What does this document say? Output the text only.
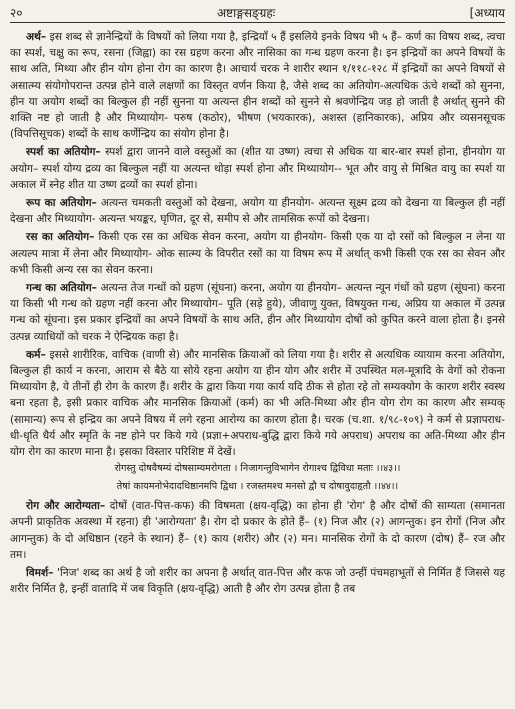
२०	अष्टाङ्गसङ्ग्रहः	[अध्याय

अर्थ– इस शब्द से ज्ञानेन्द्रियों के विषयों को लिया गया है, इन्द्रियाँ ५ हैं इसलिये इनके विषय भी ५ हैं– कर्ण का विषय शब्द, त्वचा का स्पर्श, चक्षु का रूप, रसना (जिह्वा) का रस ग्रहण करना और नासिका का गन्ध ग्रहण करना है। इन इन्द्रियों का अपने विषयों के साथ अति, मिथ्या और हीन योग होना रोग का कारण है। आचार्य चरक ने शारीर स्थान १/११८-१२८ में इन्द्रियों का अपने विषयों से असात्म्य संयोगोपरान्त उत्पन्न होने वाले लक्षणों का विस्तृत वर्णन किया है, जैसे शब्द का अतियोग-अत्यधिक ऊंचे शब्दों को सुनना, हीन या अयोग शब्दों का बिल्कुल ही नहीं सुनना या अत्यन्त हीन शब्दों को सुनने से श्रवणेन्द्रिय जड़ हो जाती है अर्थात् सुनने की शक्ति नष्ट हो जाती है और मिथ्यायोग- परुष (कठोर), भीषण (भयकारक), अशस्त (हानिकारक), अप्रिय और व्यसनसूचक (विपत्तिसूचक) शब्दों के साथ कर्णेन्द्रिय का संयोग होना है।

स्पर्श का अतियोग– स्पर्श द्वारा जानने वाले वस्तुओं का (शीत या उष्ण) त्वचा से अधिक या बार-बार स्पर्श होना, हीनयोग या अयोग– स्पर्श योग्य द्रव्य का बिल्कुल नहीं या अत्यन्त थोड़ा स्पर्श होना और मिथ्यायोग-- भूत और वायु से मिश्रित वायु का स्पर्श या अकाल में स्नेह शीत या उष्ण द्रव्यों का स्पर्श होना।

रूप का अतियोग– अत्यन्त चमकती वस्तुओं को देखना, अयोग या हीनयोग- अत्यन्त सूक्ष्म द्रव्य को देखना या बिल्कुल ही नहीं देखना और मिथ्यायोग- अत्यन्त भयङ्कर, घृणित, दूर से, समीप से और तामसिक रूपों को देखना।

रस का अतियोग– किसी एक रस का अधिक सेवन करना, अयोग या हीनयोग- किसी एक या दो रसों को बिल्कुल न लेना या अत्यल्प मात्रा में लेना और मिथ्यायोग- ओक सात्म्य के विपरीत रसों का या विषम रूप में अर्थात् कभी किसी एक रस का सेवन और कभी किसी अन्य रस का सेवन करना।

गन्ध का अतियोग– अत्यन्त तेज गन्धों को ग्रहण (सूंघना) करना, अयोग या हीनयोग– अत्यन्त न्यून गंधों को ग्रहण (सूंघना) करना या किसी भी गन्ध को ग्रहण नहीं करना और मिथ्यायोग– पूति (सड़े हुये), जीवाणु युक्त, विषयुक्त गन्ध, अप्रिय या अकाल में उत्पन्न गन्ध को सूंघना। इस प्रकार इन्द्रियों का अपने विषयों के साथ अति, हीन और मिथ्यायोग दोषों को कुपित करने वाला होता है। इनसे उत्पन्न व्याधियों को चरक ने ऐन्द्रियक कहा है।

कर्म– इससे शारीरिक, वाचिक (वाणी से) और मानसिक क्रियाओं को लिया गया है। शरीर से अत्यधिक व्यायाम करना अतियोग, बिल्कुल ही कार्य न करना, आराम से बैठे या सोये रहना अयोग या हीन योग और शरीर में उपस्थित मल-मूत्रादि के वेगों को रोकना मिथ्यायोग है, ये तीनों ही रोग के कारण हैं। शरीर के द्वारा किया गया कार्य यदि ठीक से होता रहे तो सम्यक्योग के कारण शरीर स्वस्थ बना रहता है, इसी प्रकार वाचिक और मानसिक क्रियाओं (कर्म) का भी अति-मिथ्या और हीन योग रोग का कारण और सम्यक् (सामान्य) रूप से इन्द्रिय का अपने विषय में लगे रहना आरोग्य का कारण होता है। चरक (च.शा. १/९८-१०९) ने कर्म से प्रज्ञापराध- धी-धृति धैर्य और स्मृति के नष्ट होने पर किये गये (प्रज्ञा+अपराध-बुद्धि द्वारा किये गये अपराध) अपराध का अति-मिथ्या और हीन योग रोग का कारण माना है। इसका विस्तार परिशिष्ट में देखें।

रोगस्तु दोषवैषम्यं दोषसाम्यमरोगता । निजागन्तुविभागेन रोगाश्च द्विविधा मताः ।।४३।।
तेषां कायमनोभेदादधिष्ठानमपि द्विधा । रजस्तमश्च मनसो द्वौ च दोषावुदाहृतौ ।।४४।।

रोग और आरोग्यता– दोषों (वात-पित्त-कफ) की विषमता (क्षय-वृद्धि) का होना ही 'रोग' है और दोषों की साम्यता (समानता अपनी प्राकृतिक अवस्था में रहना) ही 'आरोग्यता' है। रोग दो प्रकार के होते हैं– (१) निज और (२) आगन्तुक। इन रोगों (निज और आगन्तुक) के दो अधिष्ठान (रहने के स्थान) हैं– (१) काय (शरीर) और (२) मन। मानसिक रोगों के दो कारण (दोष) हैं– रज और तम।

विमर्श– 'निज' शब्द का अर्थ है जो शरीर का अपना है अर्थात् वात-पित्त और कफ जो उन्हीं पंचमहाभूतों से निर्मित हैं जिससे यह शरीर निर्मित है, इन्हीं वातादि में जब विकृति (क्षय-वृद्धि) आती है और रोग उत्पन्न होता है तब
